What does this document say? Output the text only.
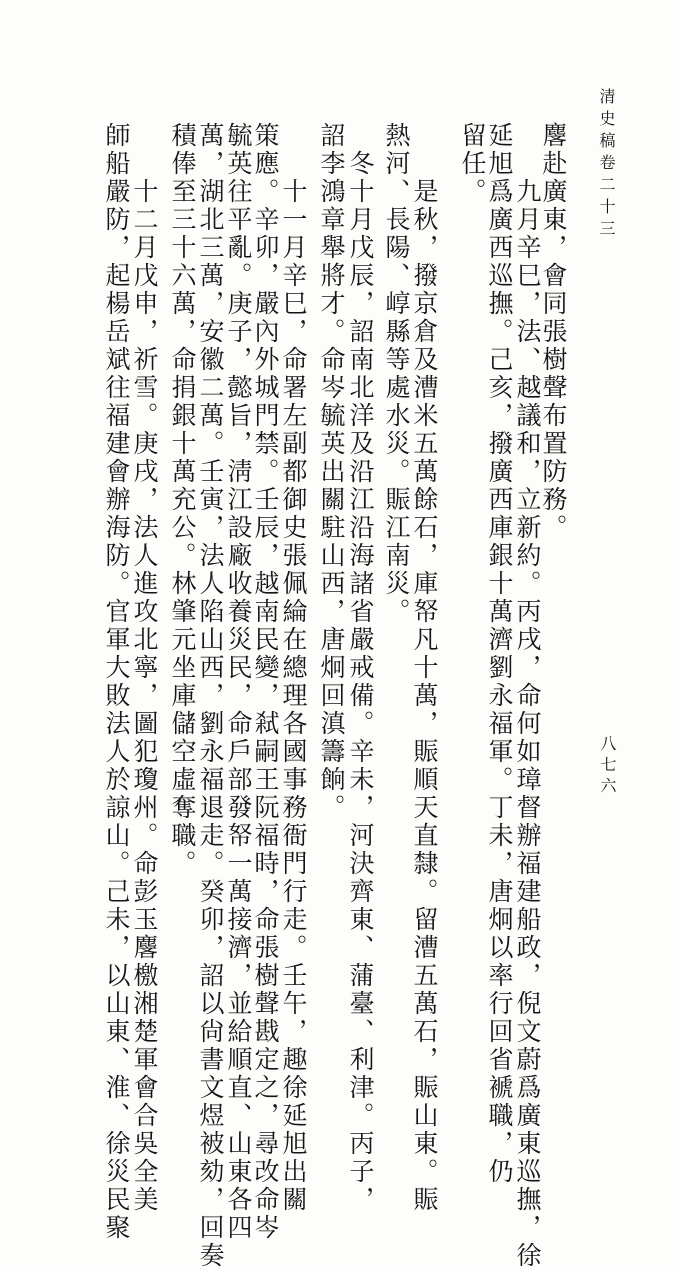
清史稿卷二十三
八七六
麐赴廣東，會同張樹聲布置防務。
九月辛巳，法、越議和，立新約。丙戌，命何如璋督辦福建船政，倪文蔚爲廣東巡撫，徐
延旭爲廣西巡撫。己亥，撥廣西庫銀十萬濟劉永福軍。丁未，唐炯以率行回省褫職，仍
留任。
是秋，撥京倉及漕米五萬餘石，庫帑凡十萬，賑順天直隸。留漕五萬石，賑山東。賑
熱河、長陽、崞縣等處水災。賑江南災。
冬十月戊辰，詔南北洋及沿江沿海諸省嚴戒備。辛未，河決齊東、蒲臺、利津。丙子，
詔李鴻章舉將才。命岑毓英出關駐山西，唐炯回滇籌餉。
十一月辛巳，命署左副都御史張佩綸在總理各國事務衙門行走。壬午，趣徐延旭出關
策應。辛卯，嚴內外城門禁。壬辰，越南民變，弒嗣王阮福時，命張樹聲戡定之，尋改命岑
毓英往平亂。庚子，懿旨，淸江設廠收養災民，命戶部發帑一萬接濟，並給順直、山東各四
萬，湖北三萬，安徽二萬。壬寅，法人陷山西，劉永福退走。癸卯，詔以尙書文煜被劾，回奏
積俸至三十六萬，命捐銀十萬充公。林肇元坐庫儲空虛奪職。
十二月戊申，祈雪。庚戌，法人進攻北寧，圖犯瓊州。命彭玉麐檄湘楚軍會合吳全美
師船嚴防，起楊岳斌往福建會辦海防。官軍大敗法人於諒山。己未，以山東、淮、徐災民聚
